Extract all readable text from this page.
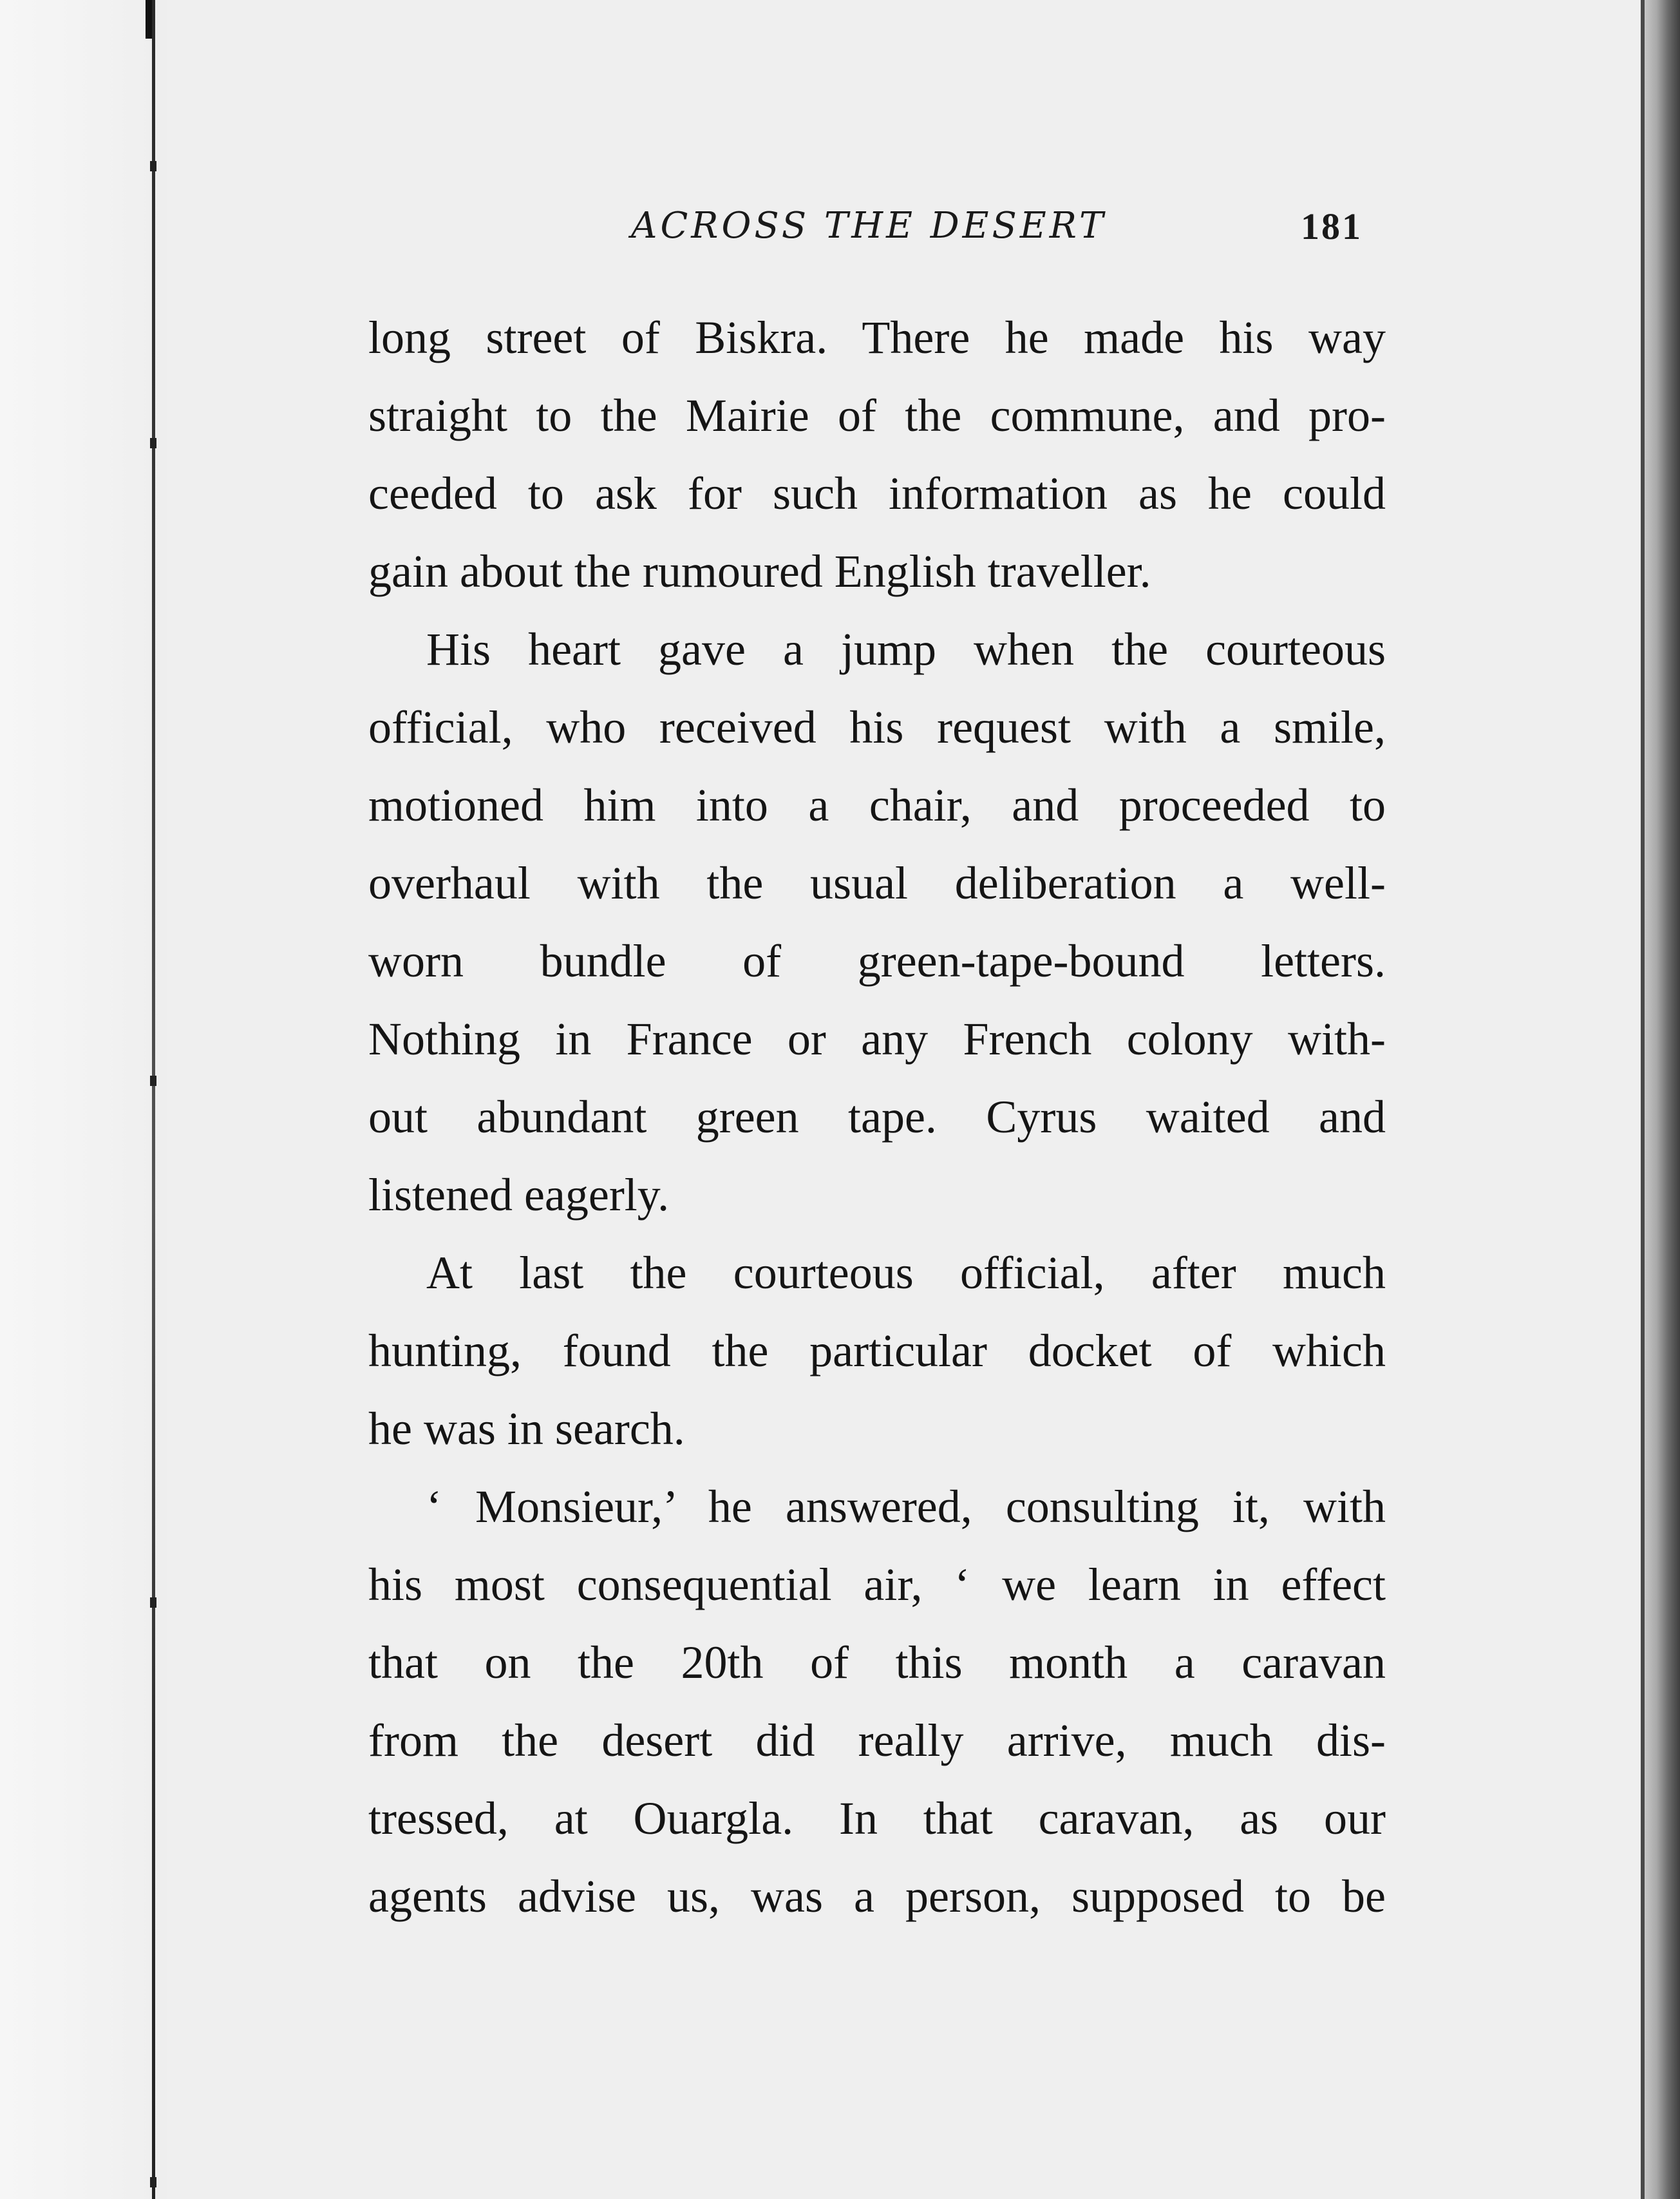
ACROSS THE DESERT	181
long street of Biskra. There he made his way
straight to the Mairie of the commune, and pro-
ceeded to ask for such information as he could
gain about the rumoured English traveller.
His heart gave a jump when the courteous
official, who received his request with a smile,
motioned him into a chair, and proceeded to
overhaul with the usual deliberation a well-
worn bundle of green-tape-bound letters.
Nothing in France or any French colony with-
out abundant green tape. Cyrus waited and
listened eagerly.
At last the courteous official, after much
hunting, found the particular docket of which
he was in search.
‘ Monsieur,’ he answered, consulting it, with
his most consequential air, ‘ we learn in effect
that on the 20th of this month a caravan
from the desert did really arrive, much dis-
tressed, at Ouargla. In that caravan, as our
agents advise us, was a person, supposed to be
